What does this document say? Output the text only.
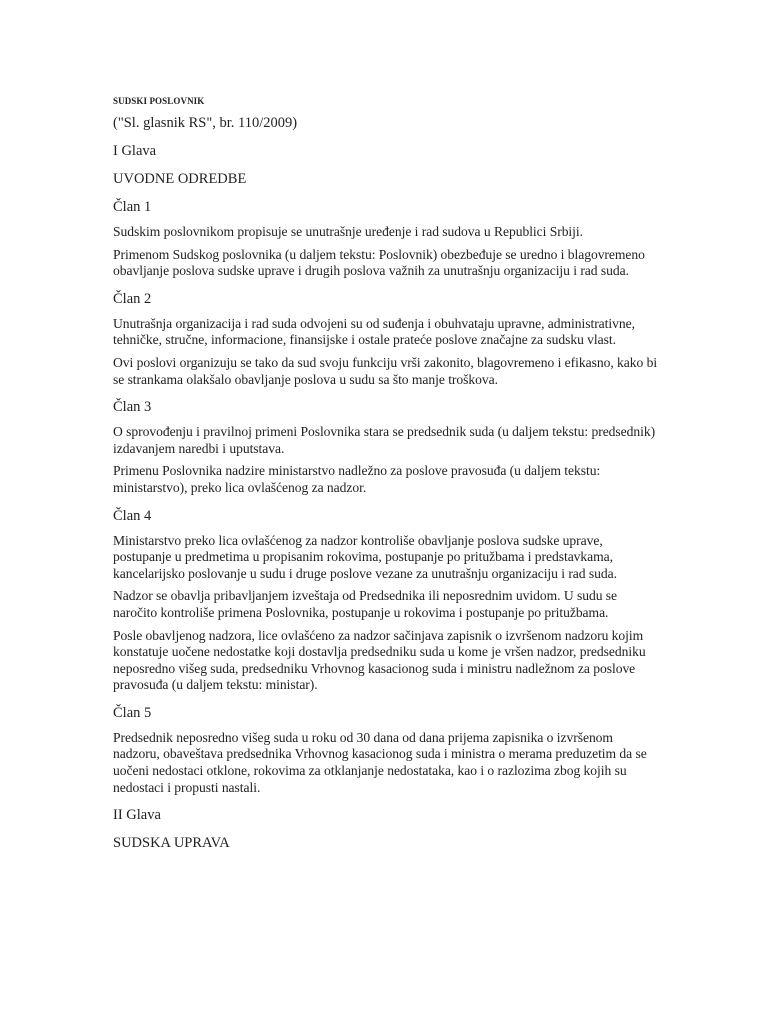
SUDSKI POSLOVNIK

("Sl. glasnik RS", br. 110/2009)

I Glava

UVODNE ODREDBE

Član 1

Sudskim poslovnikom propisuje se unutrašnje uređenje i rad sudova u Republici Srbiji.

Primenom Sudskog poslovnika (u daljem tekstu: Poslovnik) obezbeđuje se uredno i blagovremeno obavljanje poslova sudske uprave i drugih poslova važnih za unutrašnju organizaciju i rad suda.

Član 2

Unutrašnja organizacija i rad suda odvojeni su od suđenja i obuhvataju upravne, administrativne, tehničke, stručne, informacione, finansijske i ostale prateće poslove značajne za sudsku vlast.

Ovi poslovi organizuju se tako da sud svoju funkciju vrši zakonito, blagovremeno i efikasno, kako bi se strankama olakšalo obavljanje poslova u sudu sa što manje troškova.

Član 3

O sprovođenju i pravilnoj primeni Poslovnika stara se predsednik suda (u daljem tekstu: predsednik) izdavanjem naredbi i uputstava.

Primenu Poslovnika nadzire ministarstvo nadležno za poslove pravosuđa (u daljem tekstu: ministarstvo), preko lica ovlašćenog za nadzor.

Član 4

Ministarstvo preko lica ovlašćenog za nadzor kontroliše obavljanje poslova sudske uprave, postupanje u predmetima u propisanim rokovima, postupanje po pritužbama i predstavkama, kancelarijsko poslovanje u sudu i druge poslove vezane za unutrašnju organizaciju i rad suda.

Nadzor se obavlja pribavljanjem izveštaja od Predsednika ili neposrednim uvidom. U sudu se naročito kontroliše primena Poslovnika, postupanje u rokovima i postupanje po pritužbama.

Posle obavljenog nadzora, lice ovlašćeno za nadzor sačinjava zapisnik o izvršenom nadzoru kojim konstatuje uočene nedostatke koji dostavlja predsedniku suda u kome je vršen nadzor, predsedniku neposredno višeg suda, predsedniku Vrhovnog kasacionog suda i ministru nadležnom za poslove pravosuđa (u daljem tekstu: ministar).

Član 5

Predsednik neposredno višeg suda u roku od 30 dana od dana prijema zapisnika o izvršenom nadzoru, obaveštava predsednika Vrhovnog kasacionog suda i ministra o merama preduzetim da se uočeni nedostaci otklone, rokovima za otklanjanje nedostataka, kao i o razlozima zbog kojih su nedostaci i propusti nastali.

II Glava

SUDSKA UPRAVA
